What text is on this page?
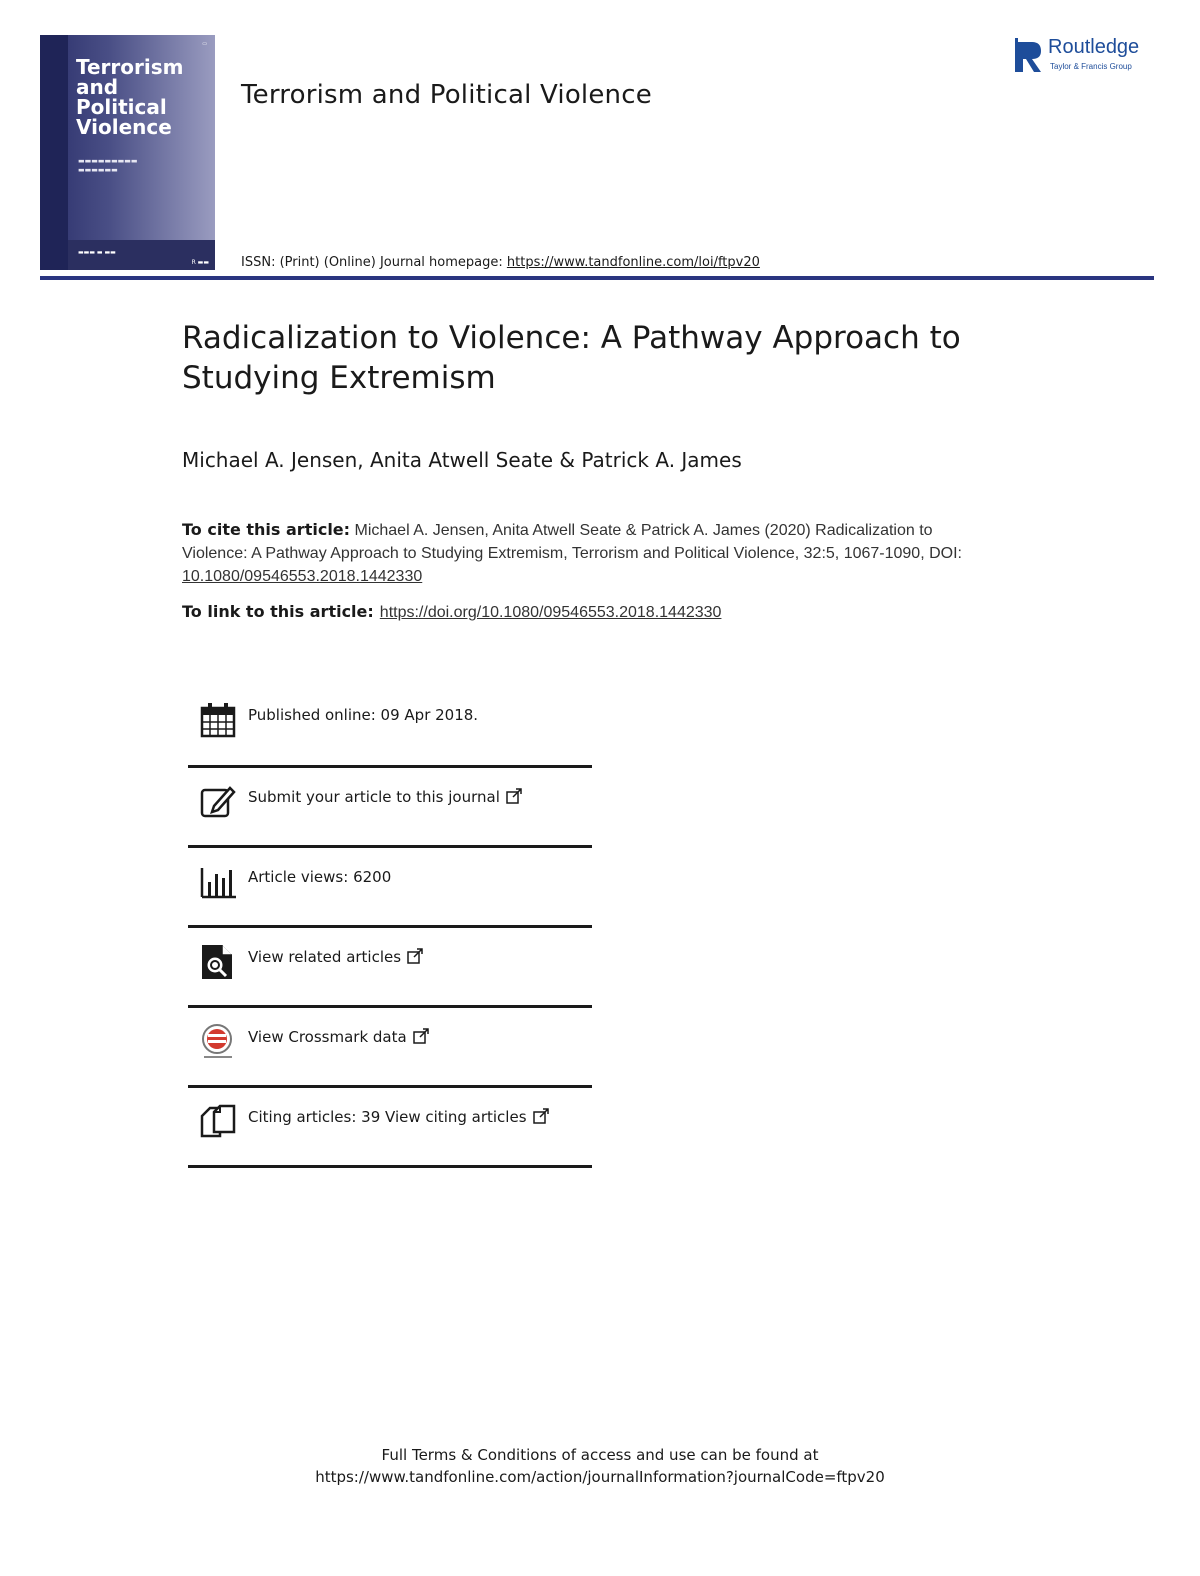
▭
Terrorism
and
Political
Violence
▬▬▬▬▬▬▬▬▬
▬▬▬▬▬▬
▬▬▬ ▬ ▬▬
R ▬▬
Terrorism and Political Violence
ISSN: (Print) (Online) Journal homepage: https://www.tandfonline.com/loi/ftpv20
Routledge
Taylor & Francis Group
Radicalization to Violence: A Pathway Approach to Studying Extremism
Michael A. Jensen, Anita Atwell Seate & Patrick A. James
To cite this article: Michael A. Jensen, Anita Atwell Seate & Patrick A. James (2020) Radicalization to Violence: A Pathway Approach to Studying Extremism, Terrorism and Political Violence, 32:5, 1067-1090, DOI: 10.1080/09546553.2018.1442330
To link to this article: https://doi.org/10.1080/09546553.2018.1442330
Published online: 09 Apr 2018.
Submit your article to this journal
Article views: 6200
View related articles
View Crossmark data
Citing articles: 39 View citing articles
Full Terms & Conditions of access and use can be found at
https://www.tandfonline.com/action/journalInformation?journalCode=ftpv20
